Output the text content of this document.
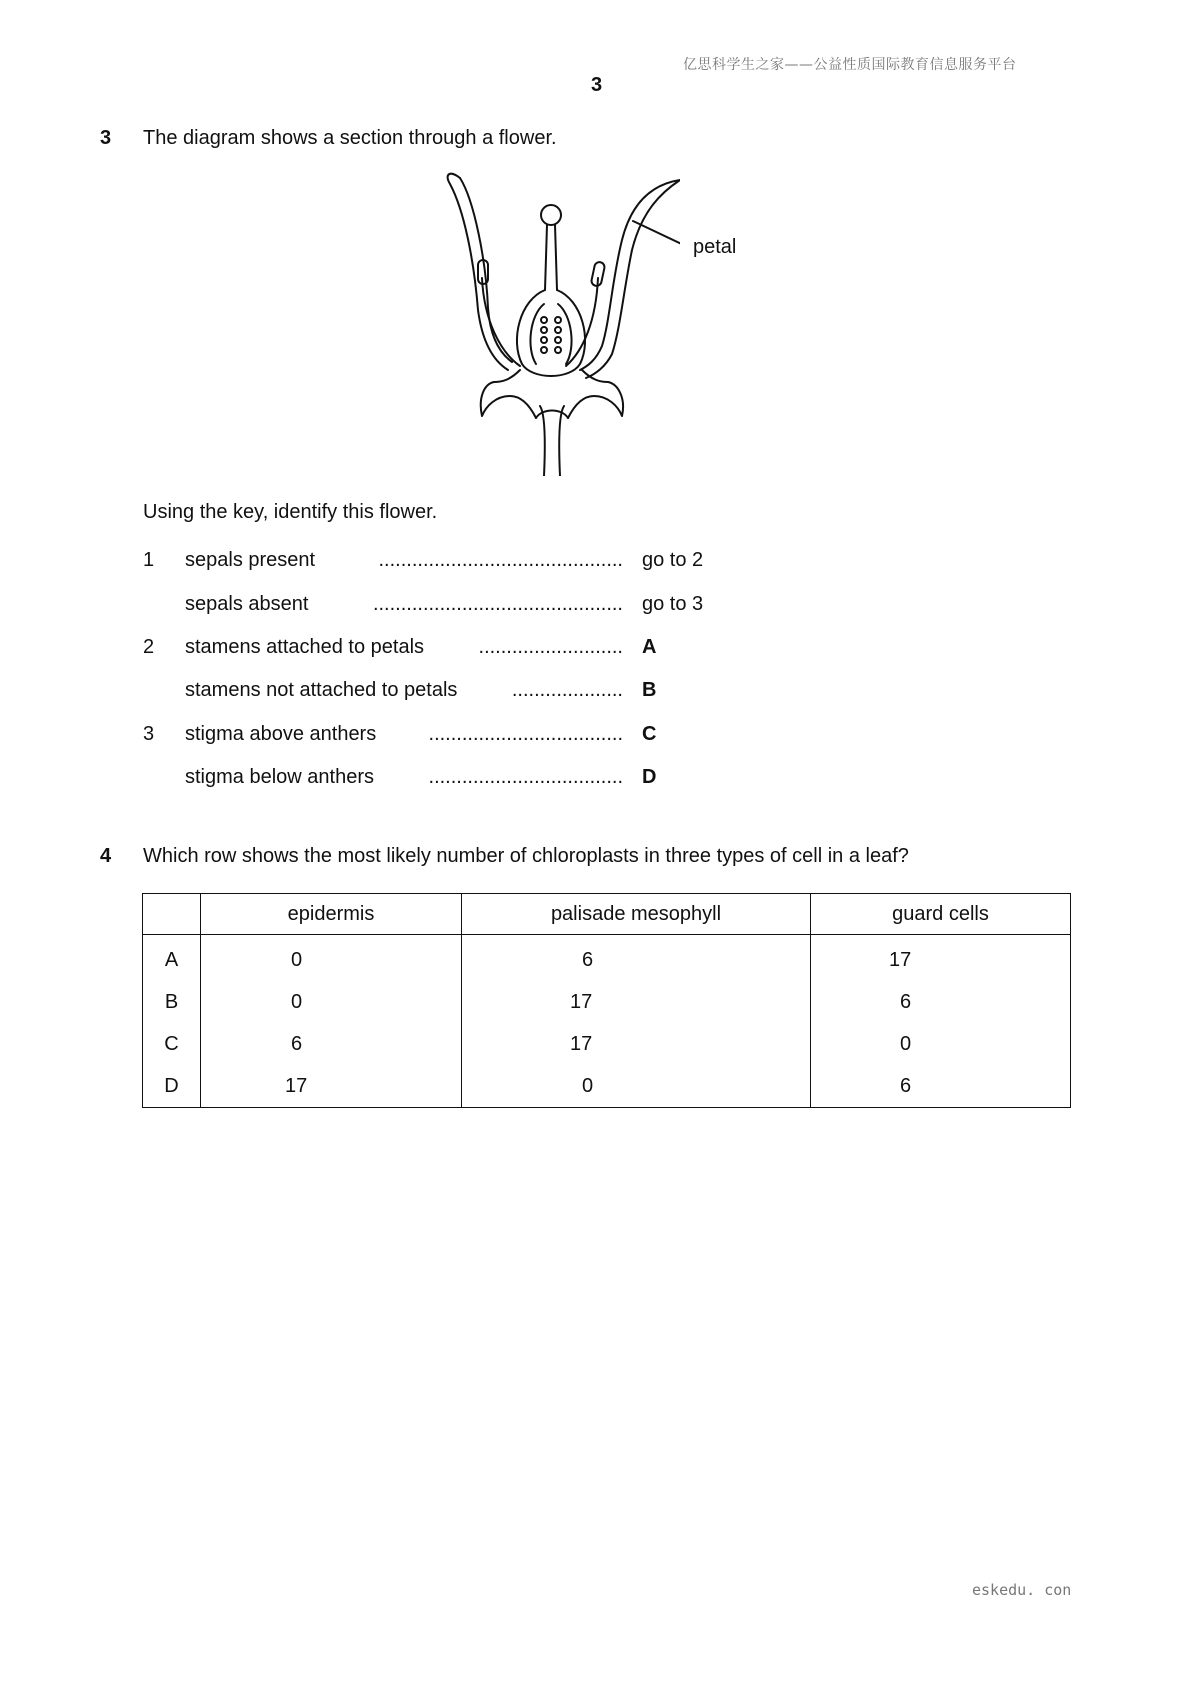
亿思科学生之家——公益性质国际教育信息服务平台
3
3 The diagram shows a section through a flower.
petal
Using the key, identify this flower.
1 sepals present	............................................ go to 2
sepals absent	............................................. go to 3
2 stamens attached to petals	.......................... A
stamens not attached to petals	.................... B
3 stigma above anthers	................................... C
stigma below anthers	................................... D
4 Which row shows the most likely number of chloroplasts in three types of cell in a leaf?
	epidermis	palisade mesophyll	guard cells
A	0	6	17
B	0	17	6
C	6	17	0
D	17	0	6
eskedu. con
